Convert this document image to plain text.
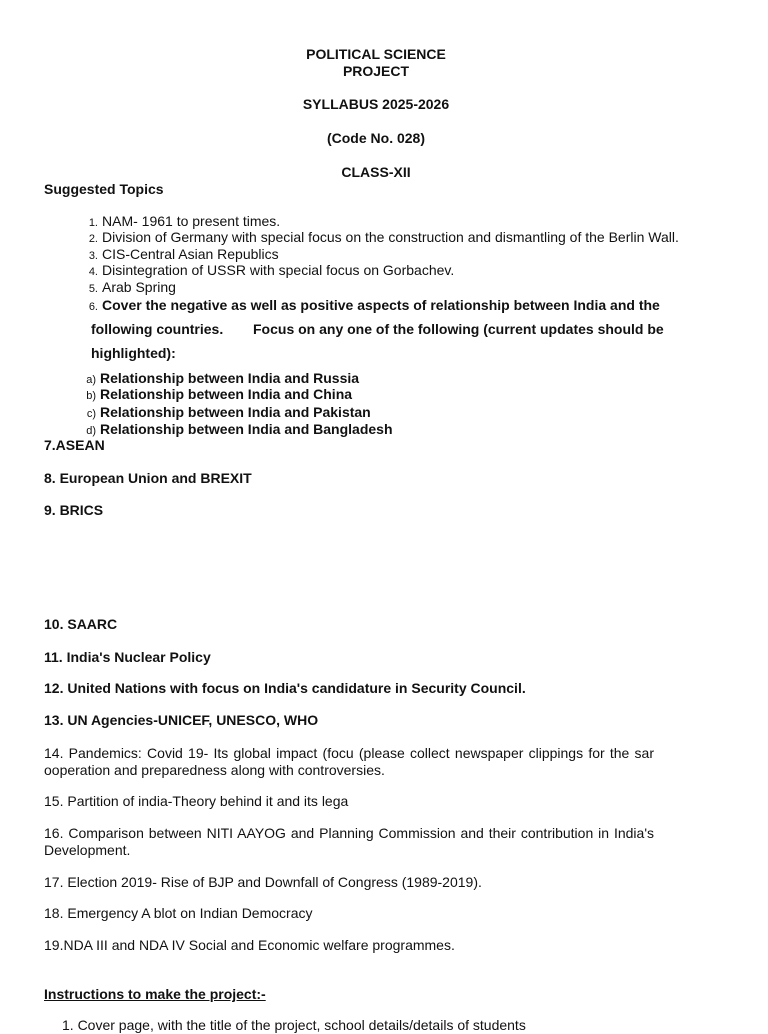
POLITICAL SCIENCE
PROJECT
SYLLABUS 2025-2026
(Code No. 028)
CLASS-XII
Suggested Topics
1. NAM- 1961 to present times.
2. Division of Germany with special focus on the construction and dismantling of the Berlin Wall.
3. CIS-Central Asian Republics
4. Disintegration of USSR with special focus on Gorbachev.
5. Arab Spring
6. Cover the negative as well as positive aspects of relationship between India and the
following countries. Focus on any one of the following (current updates should be
highlighted):
a) Relationship between India and Russia
b) Relationship between India and China
c) Relationship between India and Pakistan
d) Relationship between India and Bangladesh
7.ASEAN
8. European Union and BREXIT
9. BRICS
10. SAARC
11. India's Nuclear Policy
12. United Nations with focus on India's candidature in Security Council.
13. UN Agencies-UNICEF, UNESCO, WHO
14. Pandemics: Covid 19- Its global impact (focu (please collect newspaper clippings for the sar ooperation and preparedness along with controversies.
15. Partition of india-Theory behind it and its lega
16. Comparison between NITI AAYOG and Planning Commission and their contribution in India's Development.
17. Election 2019- Rise of BJP and Downfall of Congress (1989-2019).
18. Emergency A blot on Indian Democracy
19.NDA III and NDA IV Social and Economic welfare programmes.
Instructions to make the project:-
1. Cover page, with the title of the project, school details/details of students
